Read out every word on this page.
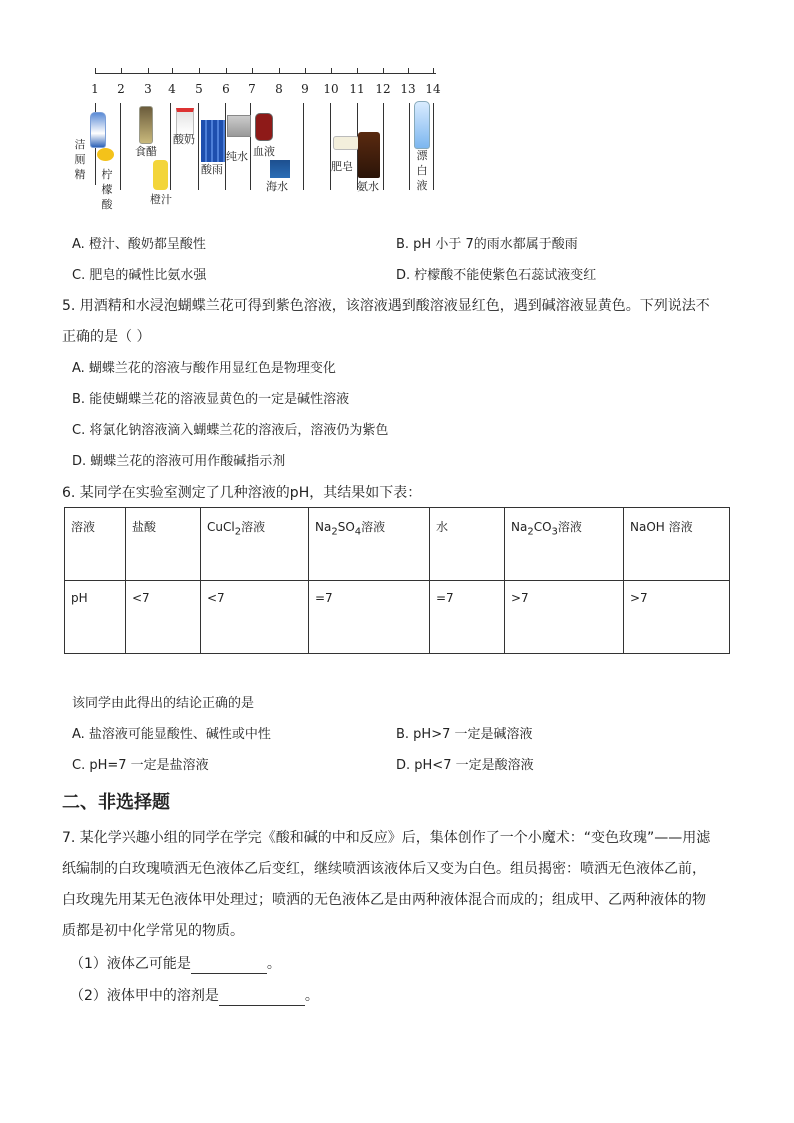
1	2	3	4	5	6	7	8	9	10 11 12 13 14
洁厕精 柠檬酸
食醋
橙汁
酸奶
酸雨
纯水 血液
海水
肥皂
氨水
漂白液
A. 橙汁、酸奶都呈酸性	B. pH 小于 7的雨水都属于酸雨
C. 肥皂的碱性比氨水强	D. 柠檬酸不能使紫色石蕊试液变红
5. 用酒精和水浸泡蝴蝶兰花可得到紫色溶液，该溶液遇到酸溶液显红色，遇到碱溶液显黄色。下列说法不
正确的是（ ）
A. 蝴蝶兰花的溶液与酸作用显红色是物理变化
B. 能使蝴蝶兰花的溶液显黄色的一定是碱性溶液
C. 将氯化钠溶液滴入蝴蝶兰花的溶液后，溶液仍为紫色
D. 蝴蝶兰花的溶液可用作酸碱指示剂
6. 某同学在实验室测定了几种溶液的pH，其结果如下表：
溶液	盐酸	CuCl$_2$溶液	$Na_2SO_4$溶液	水	$Na_2CO_3$溶液	NaOH 溶液
pH	<7	<7	=7	=7	>7	>7
该同学由此得出的结论正确的是
A. 盐溶液可能显酸性、碱性或中性	B. pH>7 一定是碱溶液
C. pH=7 一定是盐溶液	D. pH<7 一定是酸溶液
二、非选择题
7. 某化学兴趣小组的同学在学完《酸和碱的中和反应》后，集体创作了一个小魔术：“变色玫瑰”——用滤
纸编制的白玫瑰喷洒无色液体乙后变红，继续喷洒该液体后又变为白色。组员揭密：喷洒无色液体乙前，
白玫瑰先用某无色液体甲处理过；喷洒的无色液体乙是由两种液体混合而成的；组成甲、乙两种液体的物
质都是初中化学常见的物质。
（1）液体乙可能是	。
（2）液体甲中的溶剂是	。
